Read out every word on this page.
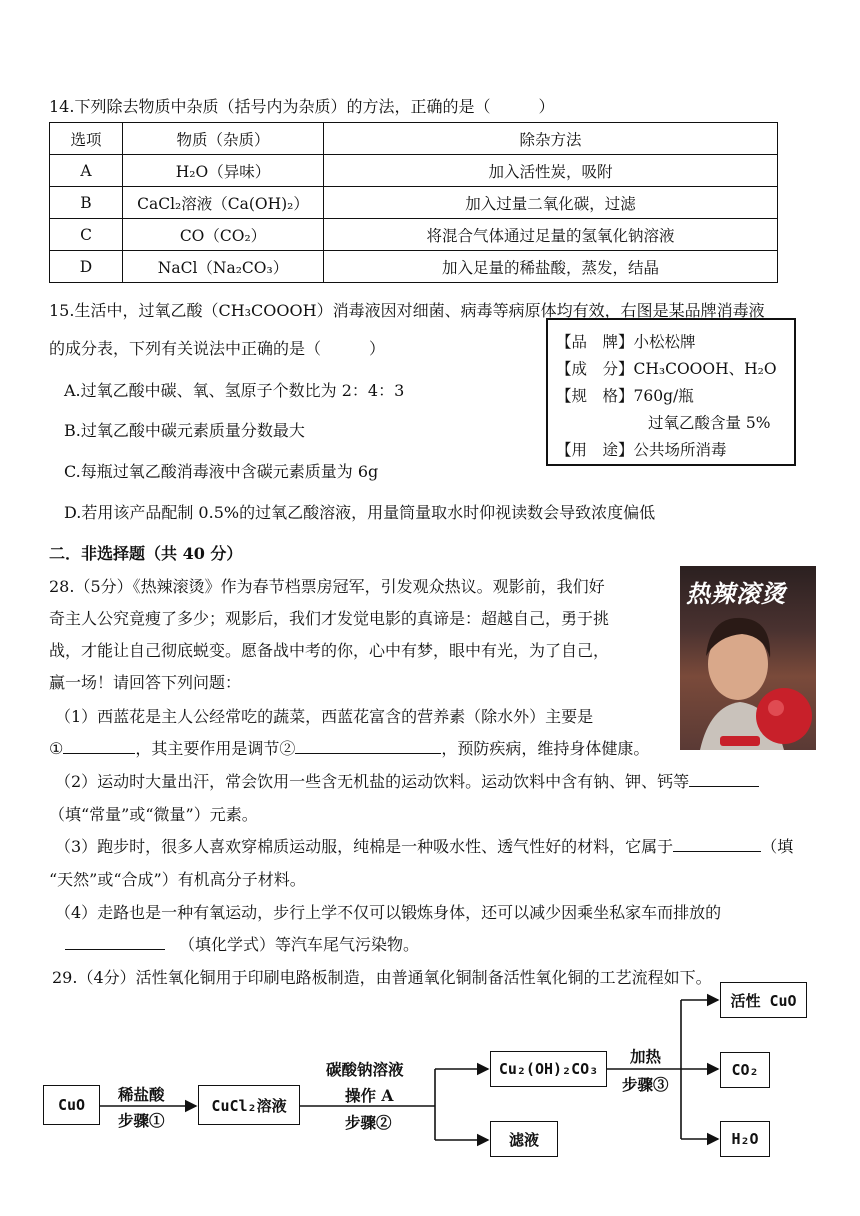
14.下列除去物质中杂质（括号内为杂质）的方法，正确的是（　　　）
选项	物质（杂质）	除杂方法
A	H₂O（异味）	加入活性炭，吸附
B	CaCl₂溶液（Ca(OH)₂）	加入过量二氧化碳，过滤
C	CO（CO₂）	将混合气体通过足量的氢氧化钠溶液
D	NaCl（Na₂CO₃）	加入足量的稀盐酸，蒸发，结晶
15.生活中，过氧乙酸（CH₃COOOH）消毒液因对细菌、病毒等病原体均有效，右图是某品牌消毒液
的成分表，下列有关说法中正确的是（　　　）
A.过氧乙酸中碳、氧、氢原子个数比为 2：4：3
B.过氧乙酸中碳元素质量分数最大
C.每瓶过氧乙酸消毒液中含碳元素质量为 6g
D.若用该产品配制 0.5%的过氧乙酸溶液，用量筒量取水时仰视读数会导致浓度偏低
【品　牌】小松松牌
【成　分】CH₃COOOH、H₂O
【规　格】760g/瓶
过氧乙酸含量 5%
【用　途】公共场所消毒
二．非选择题（共 40 分）
28.（5分）《热辣滚烫》作为春节档票房冠军，引发观众热议。观影前，我们好
奇主人公究竟瘦了多少；观影后，我们才发觉电影的真谛是：超越自己，勇于挑
战，才能让自己彻底蜕变。愿备战中考的你，心中有梦，眼中有光，为了自己，
赢一场！请回答下列问题：
热辣滚烫
（1）西蓝花是主人公经常吃的蔬菜，西蓝花富含的营养素（除水外）主要是
①	，其主要作用是调节②	，预防疾病，维持身体健康。
（2）运动时大量出汗，常会饮用一些含无机盐的运动饮料。运动饮料中含有钠、钾、钙等
（填“常量”或“微量”）元素。
（3）跑步时，很多人喜欢穿棉质运动服，纯棉是一种吸水性、透气性好的材料，它属于	（填
“天然”或“合成”）有机高分子材料。
（4）走路也是一种有氧运动，步行上学不仅可以锻炼身体，还可以减少因乘坐私家车而排放的
（填化学式）等汽车尾气污染物。
29.（4分）活性氧化铜用于印刷电路板制造，由普通氧化铜制备活性氧化铜的工艺流程如下。
CuO
稀盐酸
步骤①
CuCl₂溶液
碳酸钠溶液
操作 A
步骤②
Cu₂(OH)₂CO₃
滤液
加热
步骤③
活性 CuO
CO₂
H₂O
